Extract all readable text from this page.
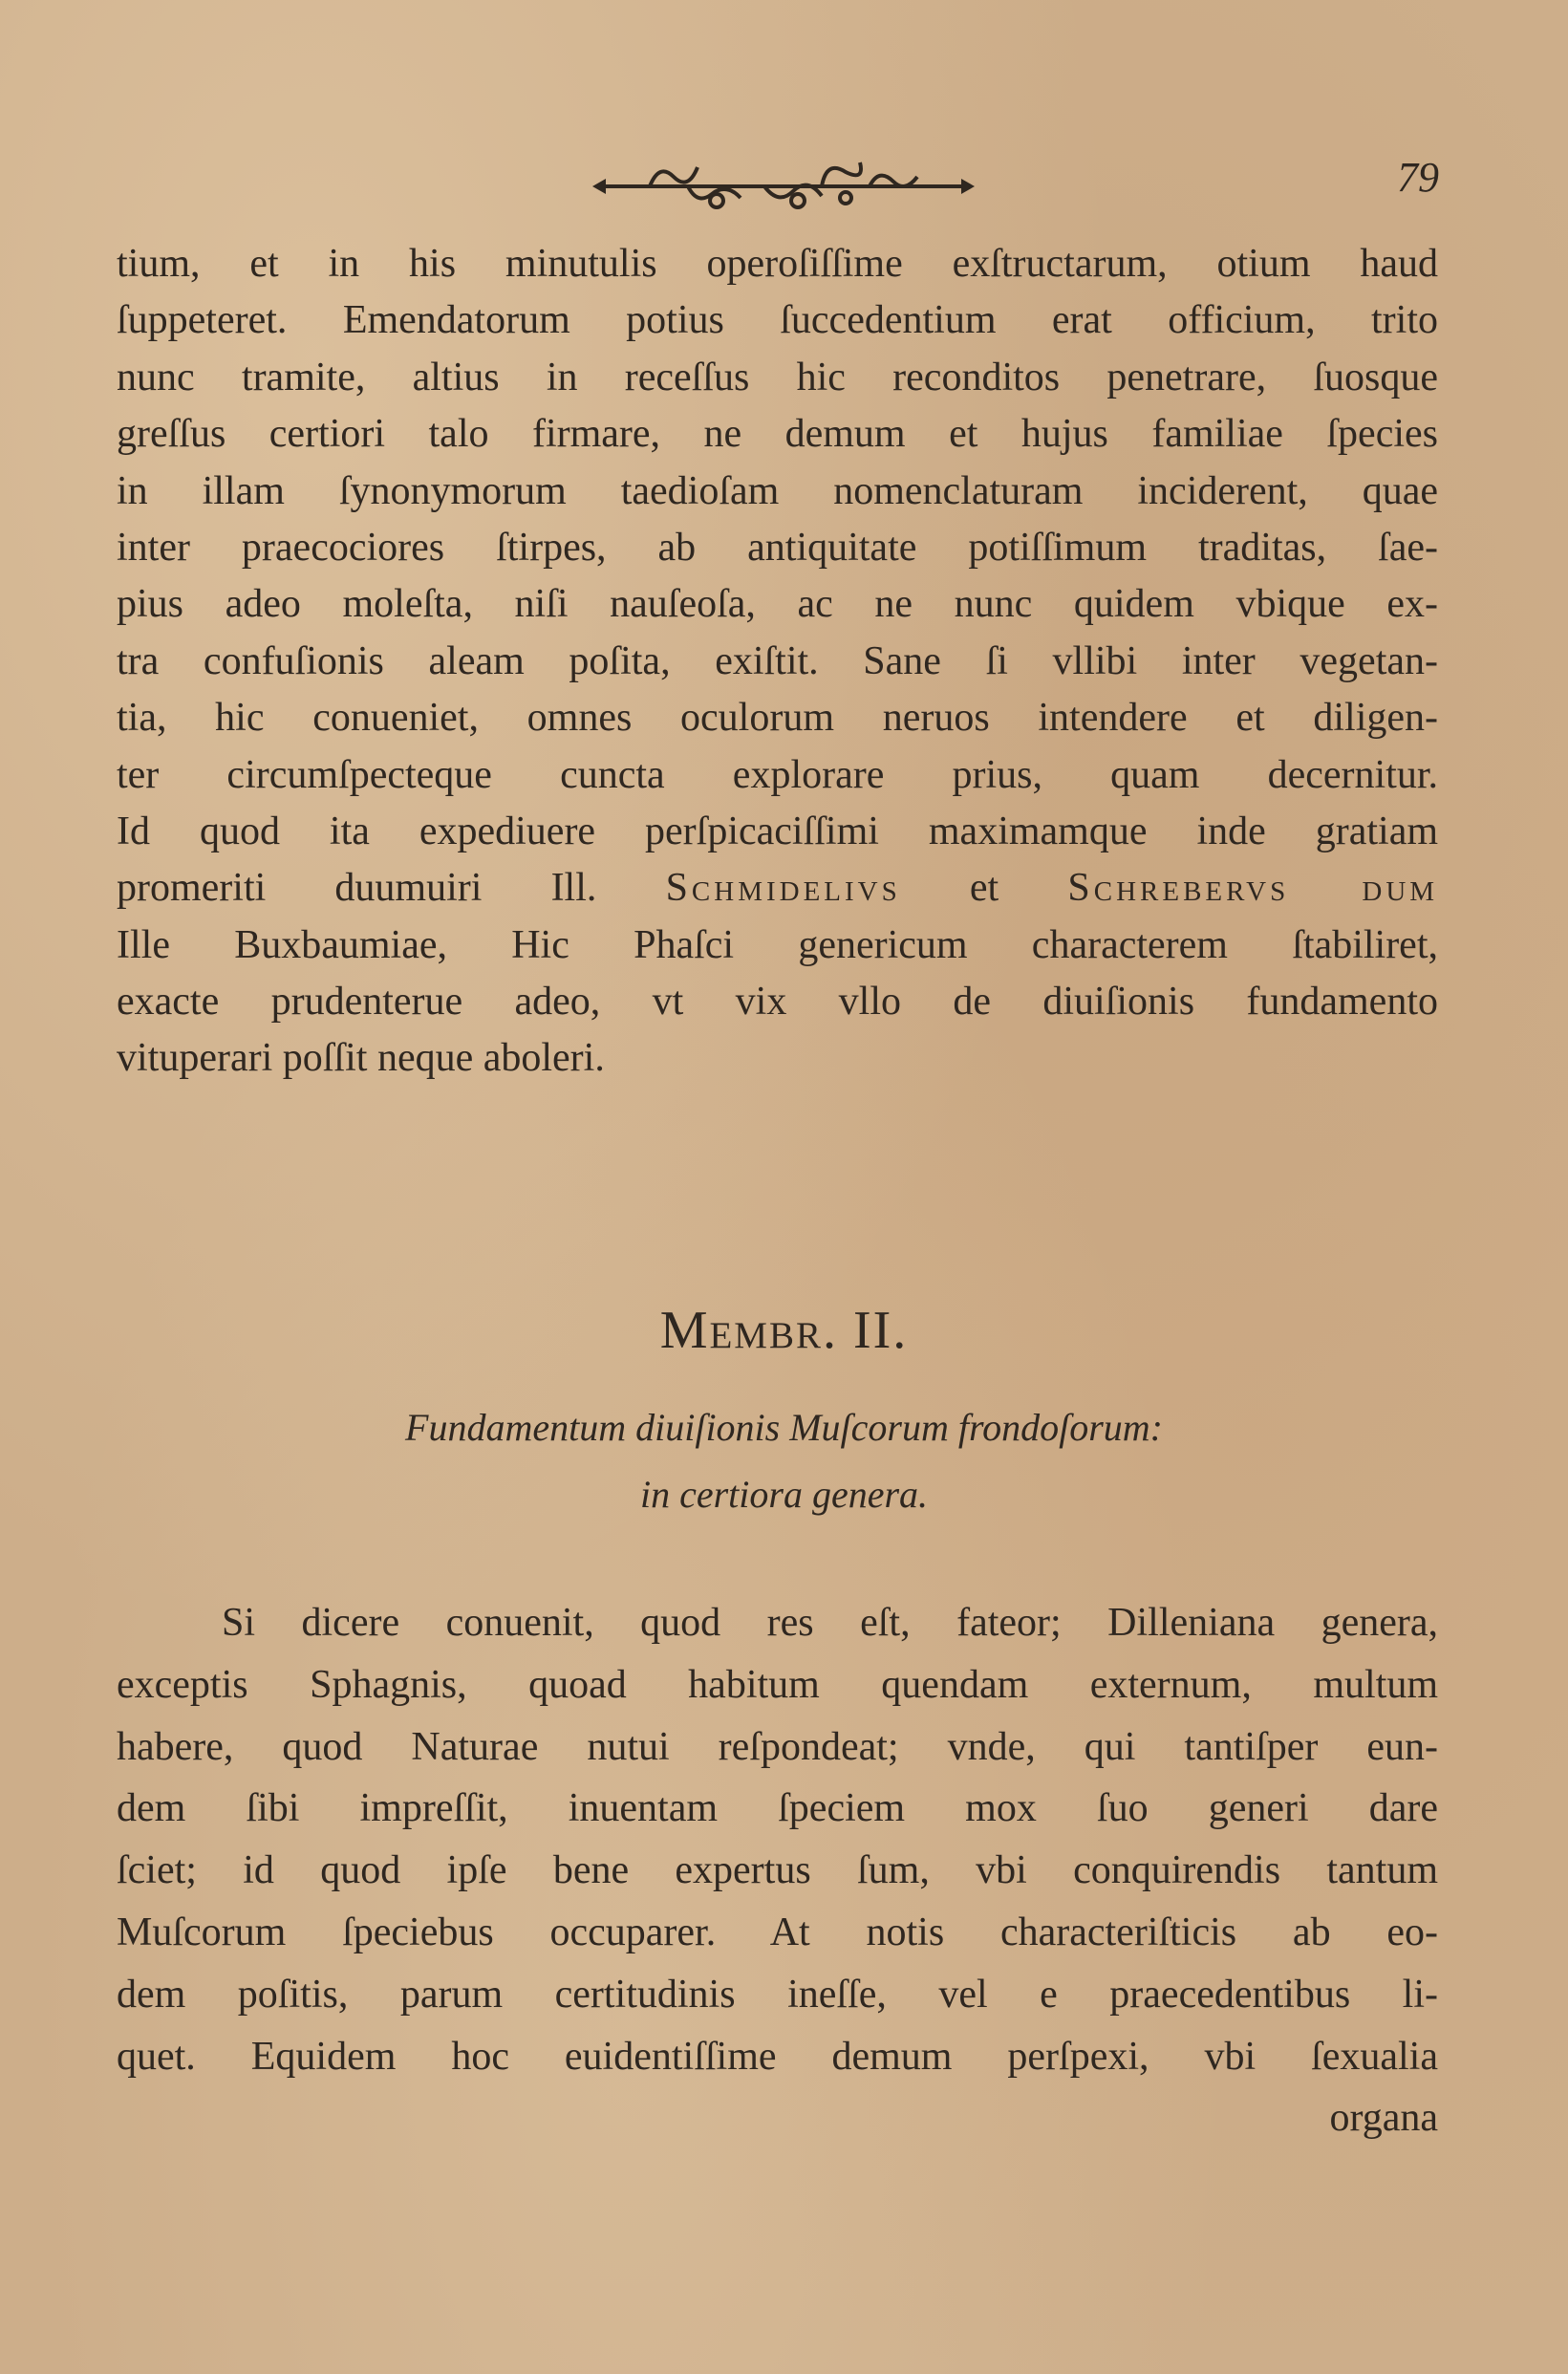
79
tium, et in his minutulis operoſiſſime exſtructarum, otium haud
ſuppeteret. Emendatorum potius ſuccedentium erat officium, trito
nunc tramite, altius in receſſus hic reconditos penetrare, ſuosque
greſſus certiori talo firmare, ne demum et hujus familiae ſpecies
in illam ſynonymorum taedioſam nomenclaturam inciderent, quae
inter praecociores ſtirpes, ab antiquitate potiſſimum traditas, ſae-
pius adeo moleſta, niſi nauſeoſa, ac ne nunc quidem vbique ex-
tra confuſionis aleam poſita, exiſtit. Sane ſi vllibi inter vegetan-
tia, hic conueniet, omnes oculorum neruos intendere et diligen-
ter circumſpecteque cuncta explorare prius, quam decernitur.
Id quod ita expediuere perſpicaciſſimi maximamque inde gratiam
promeriti duumuiri Ill. Schmidelivs et Schrebervs dum
Ille Buxbaumiae, Hic Phaſci genericum characterem ſtabiliret,
exacte prudenterue adeo, vt vix vllo de diuiſionis fundamento
vituperari poſſit neque aboleri.
Membr. II.
Fundamentum diuiſionis Muſcorum frondoſorum:
in certiora genera.
Si dicere conuenit, quod res eſt, fateor; Dilleniana genera,
exceptis Sphagnis, quoad habitum quendam externum, multum
habere, quod Naturae nutui reſpondeat; vnde, qui tantiſper eun-
dem ſibi impreſſit, inuentam ſpeciem mox ſuo generi dare
ſciet; id quod ipſe bene expertus ſum, vbi conquirendis tantum
Muſcorum ſpeciebus occuparer. At notis characteriſticis ab eo-
dem poſitis, parum certitudinis ineſſe, vel e praecedentibus li-
quet. Equidem hoc euidentiſſime demum perſpexi, vbi ſexualia
organa
